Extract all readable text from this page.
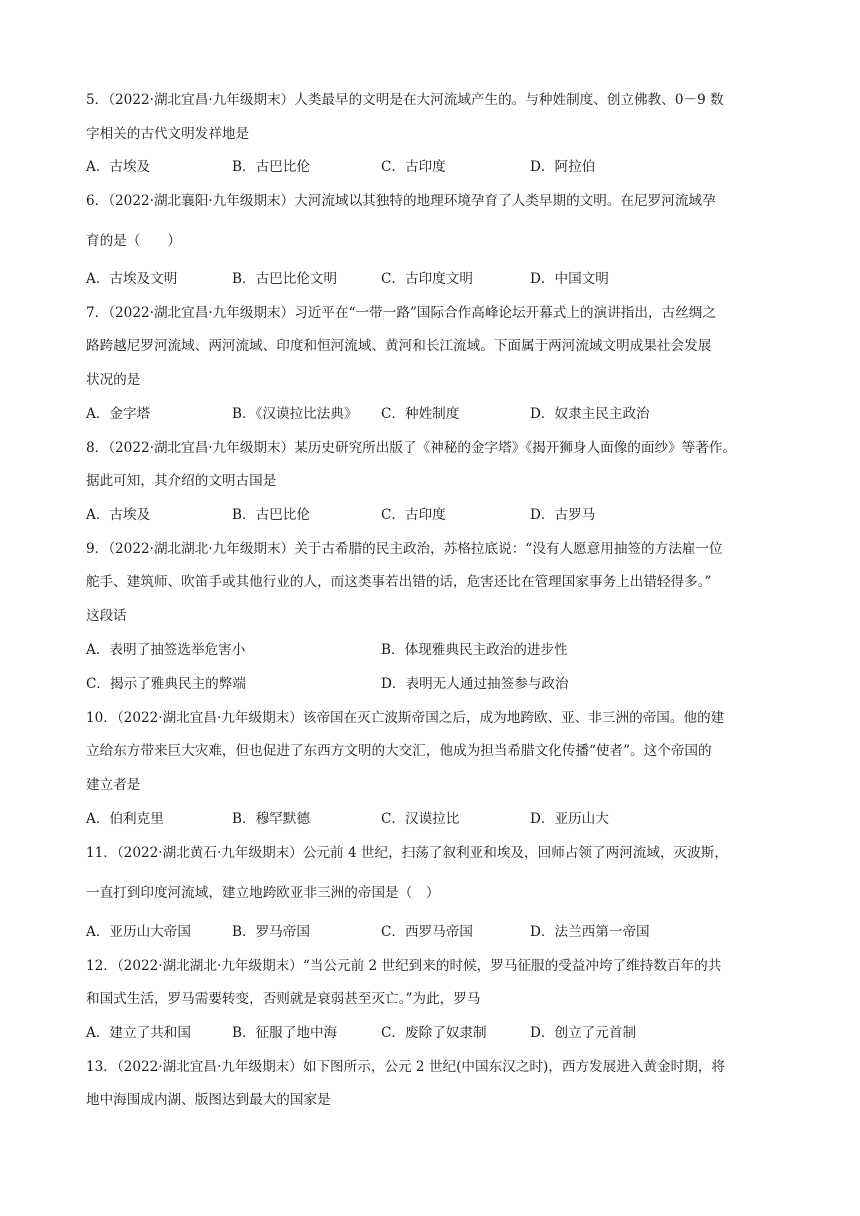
5．（2022·湖北宜昌·九年级期末）人类最早的文明是在大河流域产生的。与种姓制度、创立佛教、0－9 数
字相关的古代文明发祥地是
A．古埃及	B．古巴比伦	C．古印度	D．阿拉伯
6．（2022·湖北襄阳·九年级期末）大河流域以其独特的地理环境孕育了人类早期的文明。在尼罗河流域孕
育的是（　　）
A．古埃及文明	B．古巴比伦文明	C．古印度文明	D．中国文明
7．（2022·湖北宜昌·九年级期末）习近平在“一带一路”国际合作高峰论坛开幕式上的演讲指出，古丝绸之
路跨越尼罗河流域、两河流域、印度和恒河流域、黄河和长江流域。下面属于两河流域文明成果社会发展
状况的是
A．金字塔	B．《汉谟拉比法典》 C．种姓制度	D．奴隶主民主政治
8．（2022·湖北宜昌·九年级期末）某历史研究所出版了《神秘的金字塔》《揭开狮身人面像的面纱》等著作。
据此可知，其介绍的文明古国是
A．古埃及	B．古巴比伦	C．古印度	D．古罗马
9．（2022·湖北湖北·九年级期末）关于古希腊的民主政治，苏格拉底说：“没有人愿意用抽签的方法雇一位
舵手、建筑师、吹笛手或其他行业的人，而这类事若出错的话，危害还比在管理国家事务上出错轻得多。”
这段话
A．表明了抽签选举危害小	B．体现雅典民主政治的进步性
C．揭示了雅典民主的弊端	D．表明无人通过抽签参与政治
10．（2022·湖北宜昌·九年级期末）该帝国在灭亡波斯帝国之后，成为地跨欧、亚、非三洲的帝国。他的建
立给东方带来巨大灾难，但也促进了东西方文明的大交汇，他成为担当希腊文化传播“使者”。这个帝国的
建立者是
A．伯利克里	B．穆罕默德	C．汉谟拉比	D．亚历山大
11．（2022·湖北黄石·九年级期末）公元前 4 世纪，扫荡了叙利亚和埃及，回师占领了两河流域，灭波斯，
一直打到印度河流域，建立地跨欧亚非三洲的帝国是（　）
A．亚历山大帝国	B．罗马帝国	C．西罗马帝国	D．法兰西第一帝国
12．（2022·湖北湖北·九年级期末）“当公元前 2 世纪到来的时候，罗马征服的受益冲垮了维持数百年的共
和国式生活，罗马需要转变，否则就是衰弱甚至灭亡。”为此，罗马
A．建立了共和国	B．征服了地中海	C．废除了奴隶制	D．创立了元首制
13．（2022·湖北宜昌·九年级期末）如下图所示，公元 2 世纪(中国东汉之时)，西方发展进入黄金时期，将
地中海围成内湖、版图达到最大的国家是
